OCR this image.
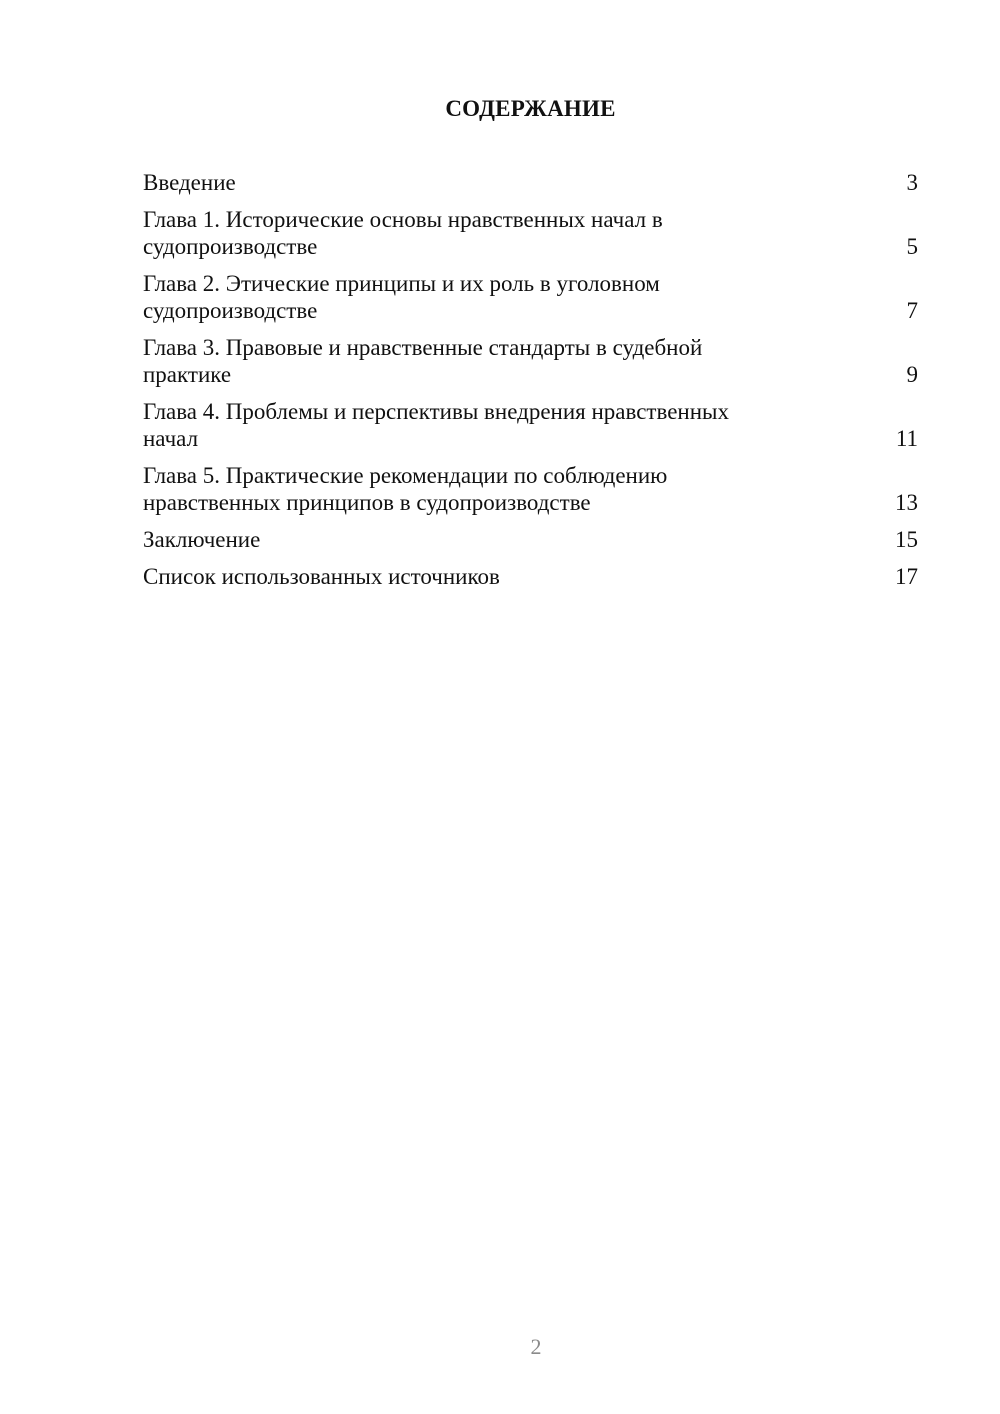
СОДЕРЖАНИЕ
Введение	3
Глава 1. Исторические основы нравственных начал в
судопроизводстве	5
Глава 2. Этические принципы и их роль в уголовном
судопроизводстве	7
Глава 3. Правовые и нравственные стандарты в судебной
практике	9
Глава 4. Проблемы и перспективы внедрения нравственных
начал	11
Глава 5. Практические рекомендации по соблюдению
нравственных принципов в судопроизводстве	13
Заключение	15
Список использованных источников	17
2
